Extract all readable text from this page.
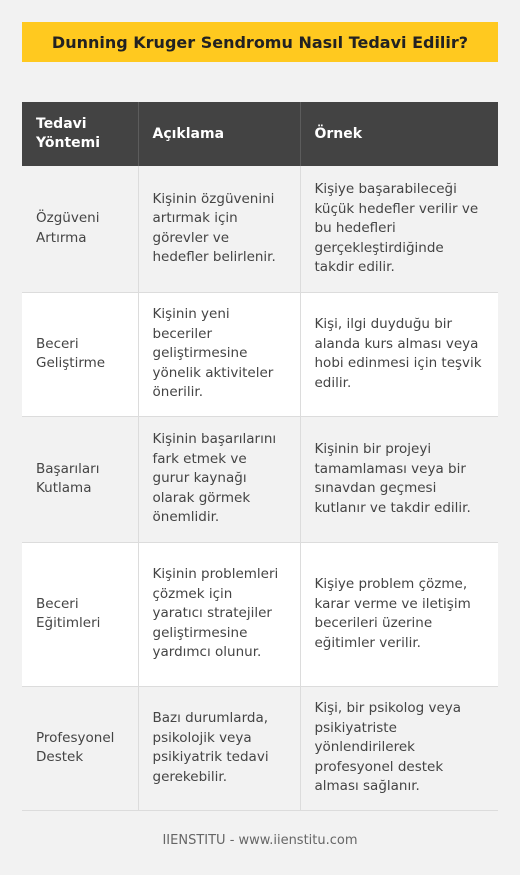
Dunning Kruger Sendromu Nasıl Tedavi Edilir?
Tedavi Yöntemi	Açıklama	Örnek
Özgüveni Artırma	Kişinin özgüvenini artırmak için görevler ve hedefler belirlenir.	Kişiye başarabileceği küçük hedefler verilir ve bu hedefleri gerçekleştirdiğinde takdir edilir.
Beceri Geliştirme	Kişinin yeni beceriler geliştirmesine yönelik aktiviteler önerilir.	Kişi, ilgi duyduğu bir alanda kurs alması veya hobi edinmesi için teşvik edilir.
Başarıları Kutlama	Kişinin başarılarını fark etmek ve gurur kaynağı olarak görmek önemlidir.	Kişinin bir projeyi tamamlaması veya bir sınavdan geçmesi kutlanır ve takdir edilir.
Beceri Eğitimleri	Kişinin problemleri çözmek için yaratıcı stratejiler geliştirmesine yardımcı olunur.	Kişiye problem çözme, karar verme ve iletişim becerileri üzerine eğitimler verilir.
Profesyonel Destek	Bazı durumlarda, psikolojik veya psikiyatrik tedavi gerekebilir.	Kişi, bir psikolog veya psikiyatriste yönlendirilerek profesyonel destek alması sağlanır.
IIENSTITU - www.iienstitu.com
